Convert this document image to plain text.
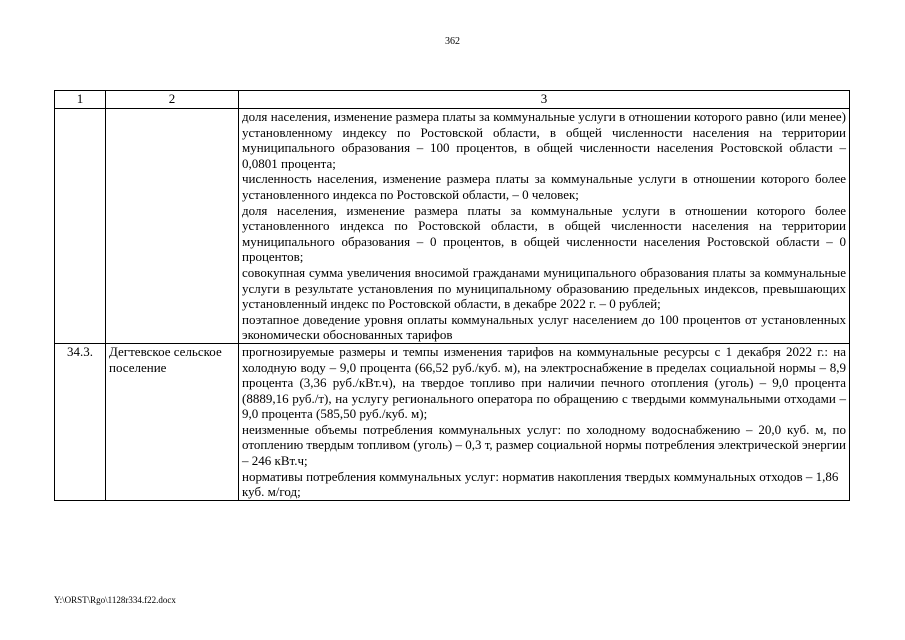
362
1	2	3

		доля населения, изменение размера платы за коммунальные услуги в отношении которого равно (или менее) установленному индексу по Ростовской области, в общей численности населения на территории муниципального образования – 100 процентов, в общей численности населения Ростовской области – 0,0801 процента;
численность населения, изменение размера платы за коммунальные услуги в отношении которого более установленного индекса по Ростовской области, – 0 человек;
доля населения, изменение размера платы за коммунальные услуги в отношении которого более установленного индекса по Ростовской области, в общей численности населения на территории муниципального образования – 0 процентов, в общей численности населения Ростовской области – 0 процентов;
совокупная сумма увеличения вносимой гражданами муниципального образования платы за коммунальные услуги в результате установления по муниципальному образованию предельных индексов, превышающих установленный индекс по Ростовской области, в декабре 2022 г. – 0 рублей;
поэтапное доведение уровня оплаты коммунальных услуг населением до 100 процентов от установленных экономически обоснованных тарифов

34.3.	Дегтевское сельское поселение	прогнозируемые размеры и темпы изменения тарифов на коммунальные ресурсы с 1 декабря 2022 г.: на холодную воду – 9,0 процента (66,52 руб./куб. м), на электроснабжение в пределах социальной нормы – 8,9 процента (3,36 руб./кВт.ч), на твердое топливо при наличии печного отопления (уголь) – 9,0 процента (8889,16 руб./т), на услугу регионального оператора по обращению с твердыми коммунальными отходами – 9,0 процента (585,50 руб./куб. м);
неизменные объемы потребления коммунальных услуг: по холодному водоснабжению – 20,0 куб. м, по отоплению твердым топливом (уголь) – 0,3 т, размер социальной нормы потребления электрической энергии – 246 кВт.ч;
нормативы потребления коммунальных услуг: норматив накопления твердых коммунальных отходов – 1,86 куб. м/год;
Y:\ORST\Rgo\1128r334.f22.docx
